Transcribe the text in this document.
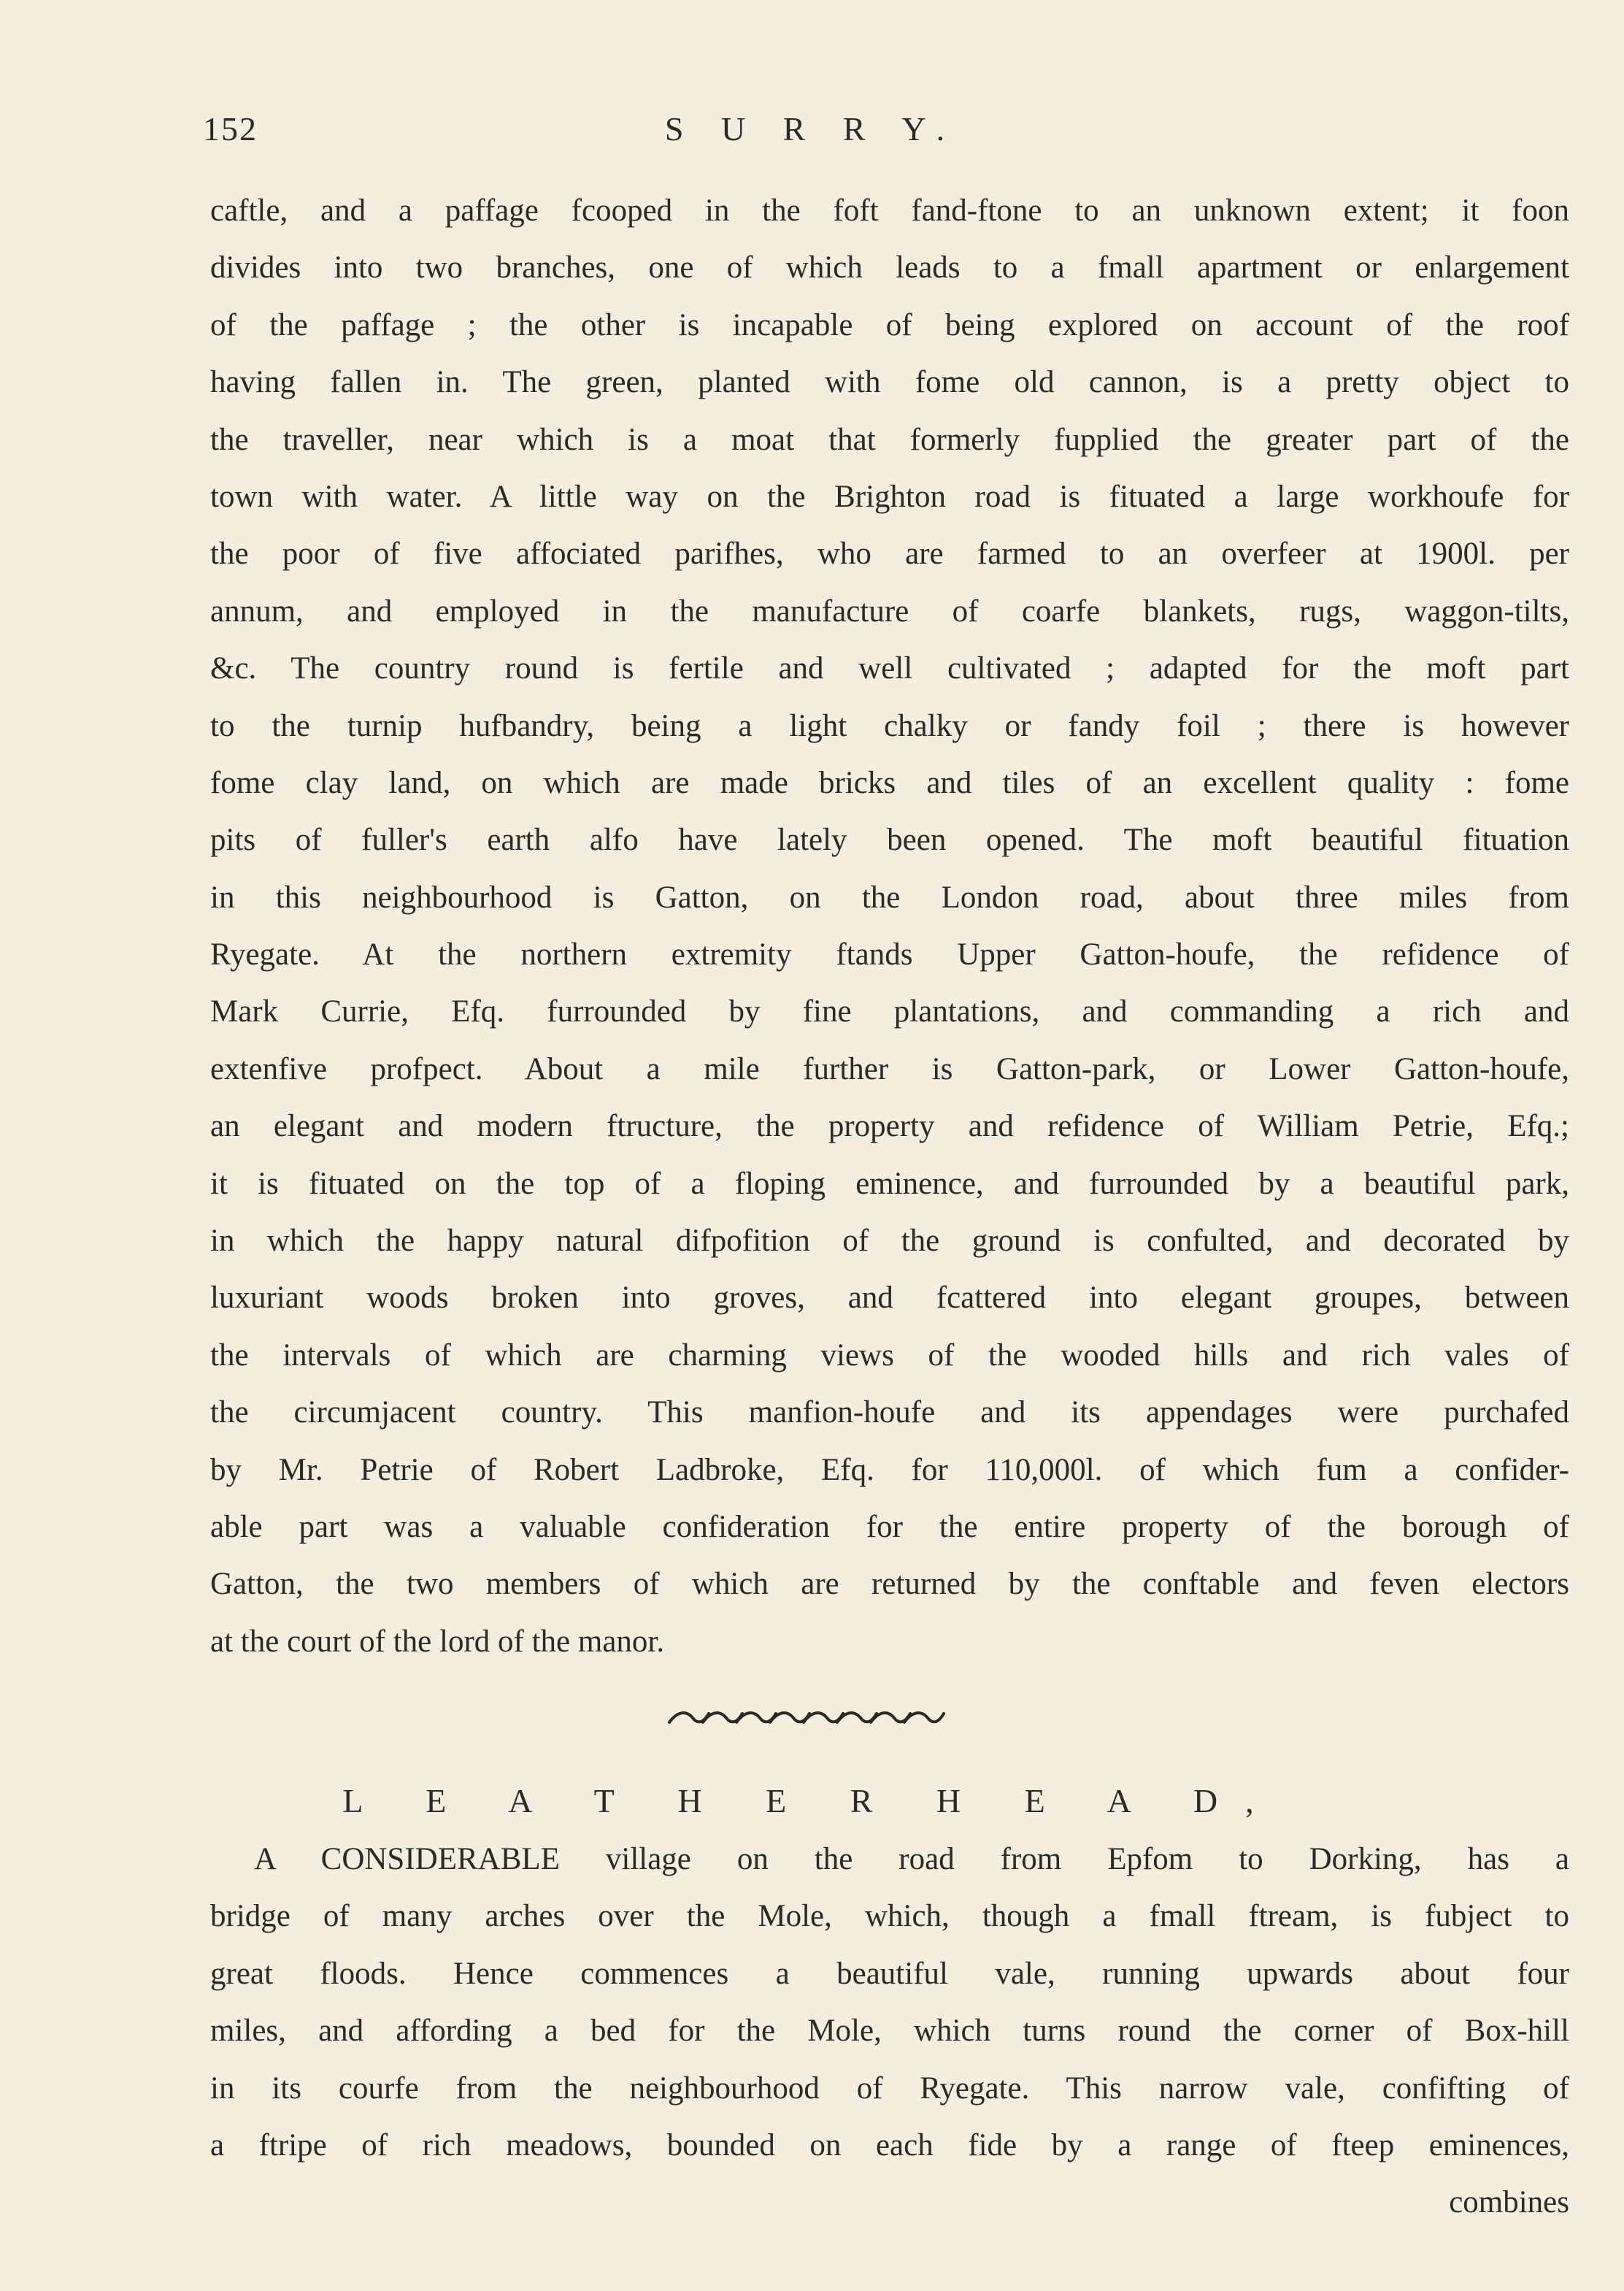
152	S U R R Y.
caftle, and a paffage fcooped in the foft fand-ftone to an unknown extent; it foon
divides into two branches, one of which leads to a fmall apartment or enlargement
of the paffage ; the other is incapable of being explored on account of the roof
having fallen in. The green, planted with fome old cannon, is a pretty object to
the traveller, near which is a moat that formerly fupplied the greater part of the
town with water. A little way on the Brighton road is fituated a large workhoufe for
the poor of five affociated parifhes, who are farmed to an overfeer at 1900l. per
annum, and employed in the manufacture of coarfe blankets, rugs, waggon-tilts,
&c. The country round is fertile and well cultivated ; adapted for the moft part
to the turnip hufbandry, being a light chalky or fandy foil ; there is however
fome clay land, on which are made bricks and tiles of an excellent quality : fome
pits of fuller's earth alfo have lately been opened. The moft beautiful fituation
in this neighbourhood is Gatton, on the London road, about three miles from
Ryegate. At the northern extremity ftands Upper Gatton-houfe, the refidence of
Mark Currie, Efq. furrounded by fine plantations, and commanding a rich and
extenfive profpect. About a mile further is Gatton-park, or Lower Gatton-houfe,
an elegant and modern ftructure, the property and refidence of William Petrie, Efq.;
it is fituated on the top of a floping eminence, and furrounded by a beautiful park,
in which the happy natural difpofition of the ground is confulted, and decorated by
luxuriant woods broken into groves, and fcattered into elegant groupes, between
the intervals of which are charming views of the wooded hills and rich vales of
the circumjacent country. This manfion-houfe and its appendages were purchafed
by Mr. Petrie of Robert Ladbroke, Efq. for 110,000l. of which fum a confider-
able part was a valuable confideration for the entire property of the borough of
Gatton, the two members of which are returned by the conftable and feven electors
at the court of the lord of the manor.
L E A T H E R H E A D,
A CONSIDERABLE village on the road from Epfom to Dorking, has a
bridge of many arches over the Mole, which, though a fmall ftream, is fubject to
great floods. Hence commences a beautiful vale, running upwards about four
miles, and affording a bed for the Mole, which turns round the corner of Box-hill
in its courfe from the neighbourhood of Ryegate. This narrow vale, confifting of
a ftripe of rich meadows, bounded on each fide by a range of fteep eminences,
combines
